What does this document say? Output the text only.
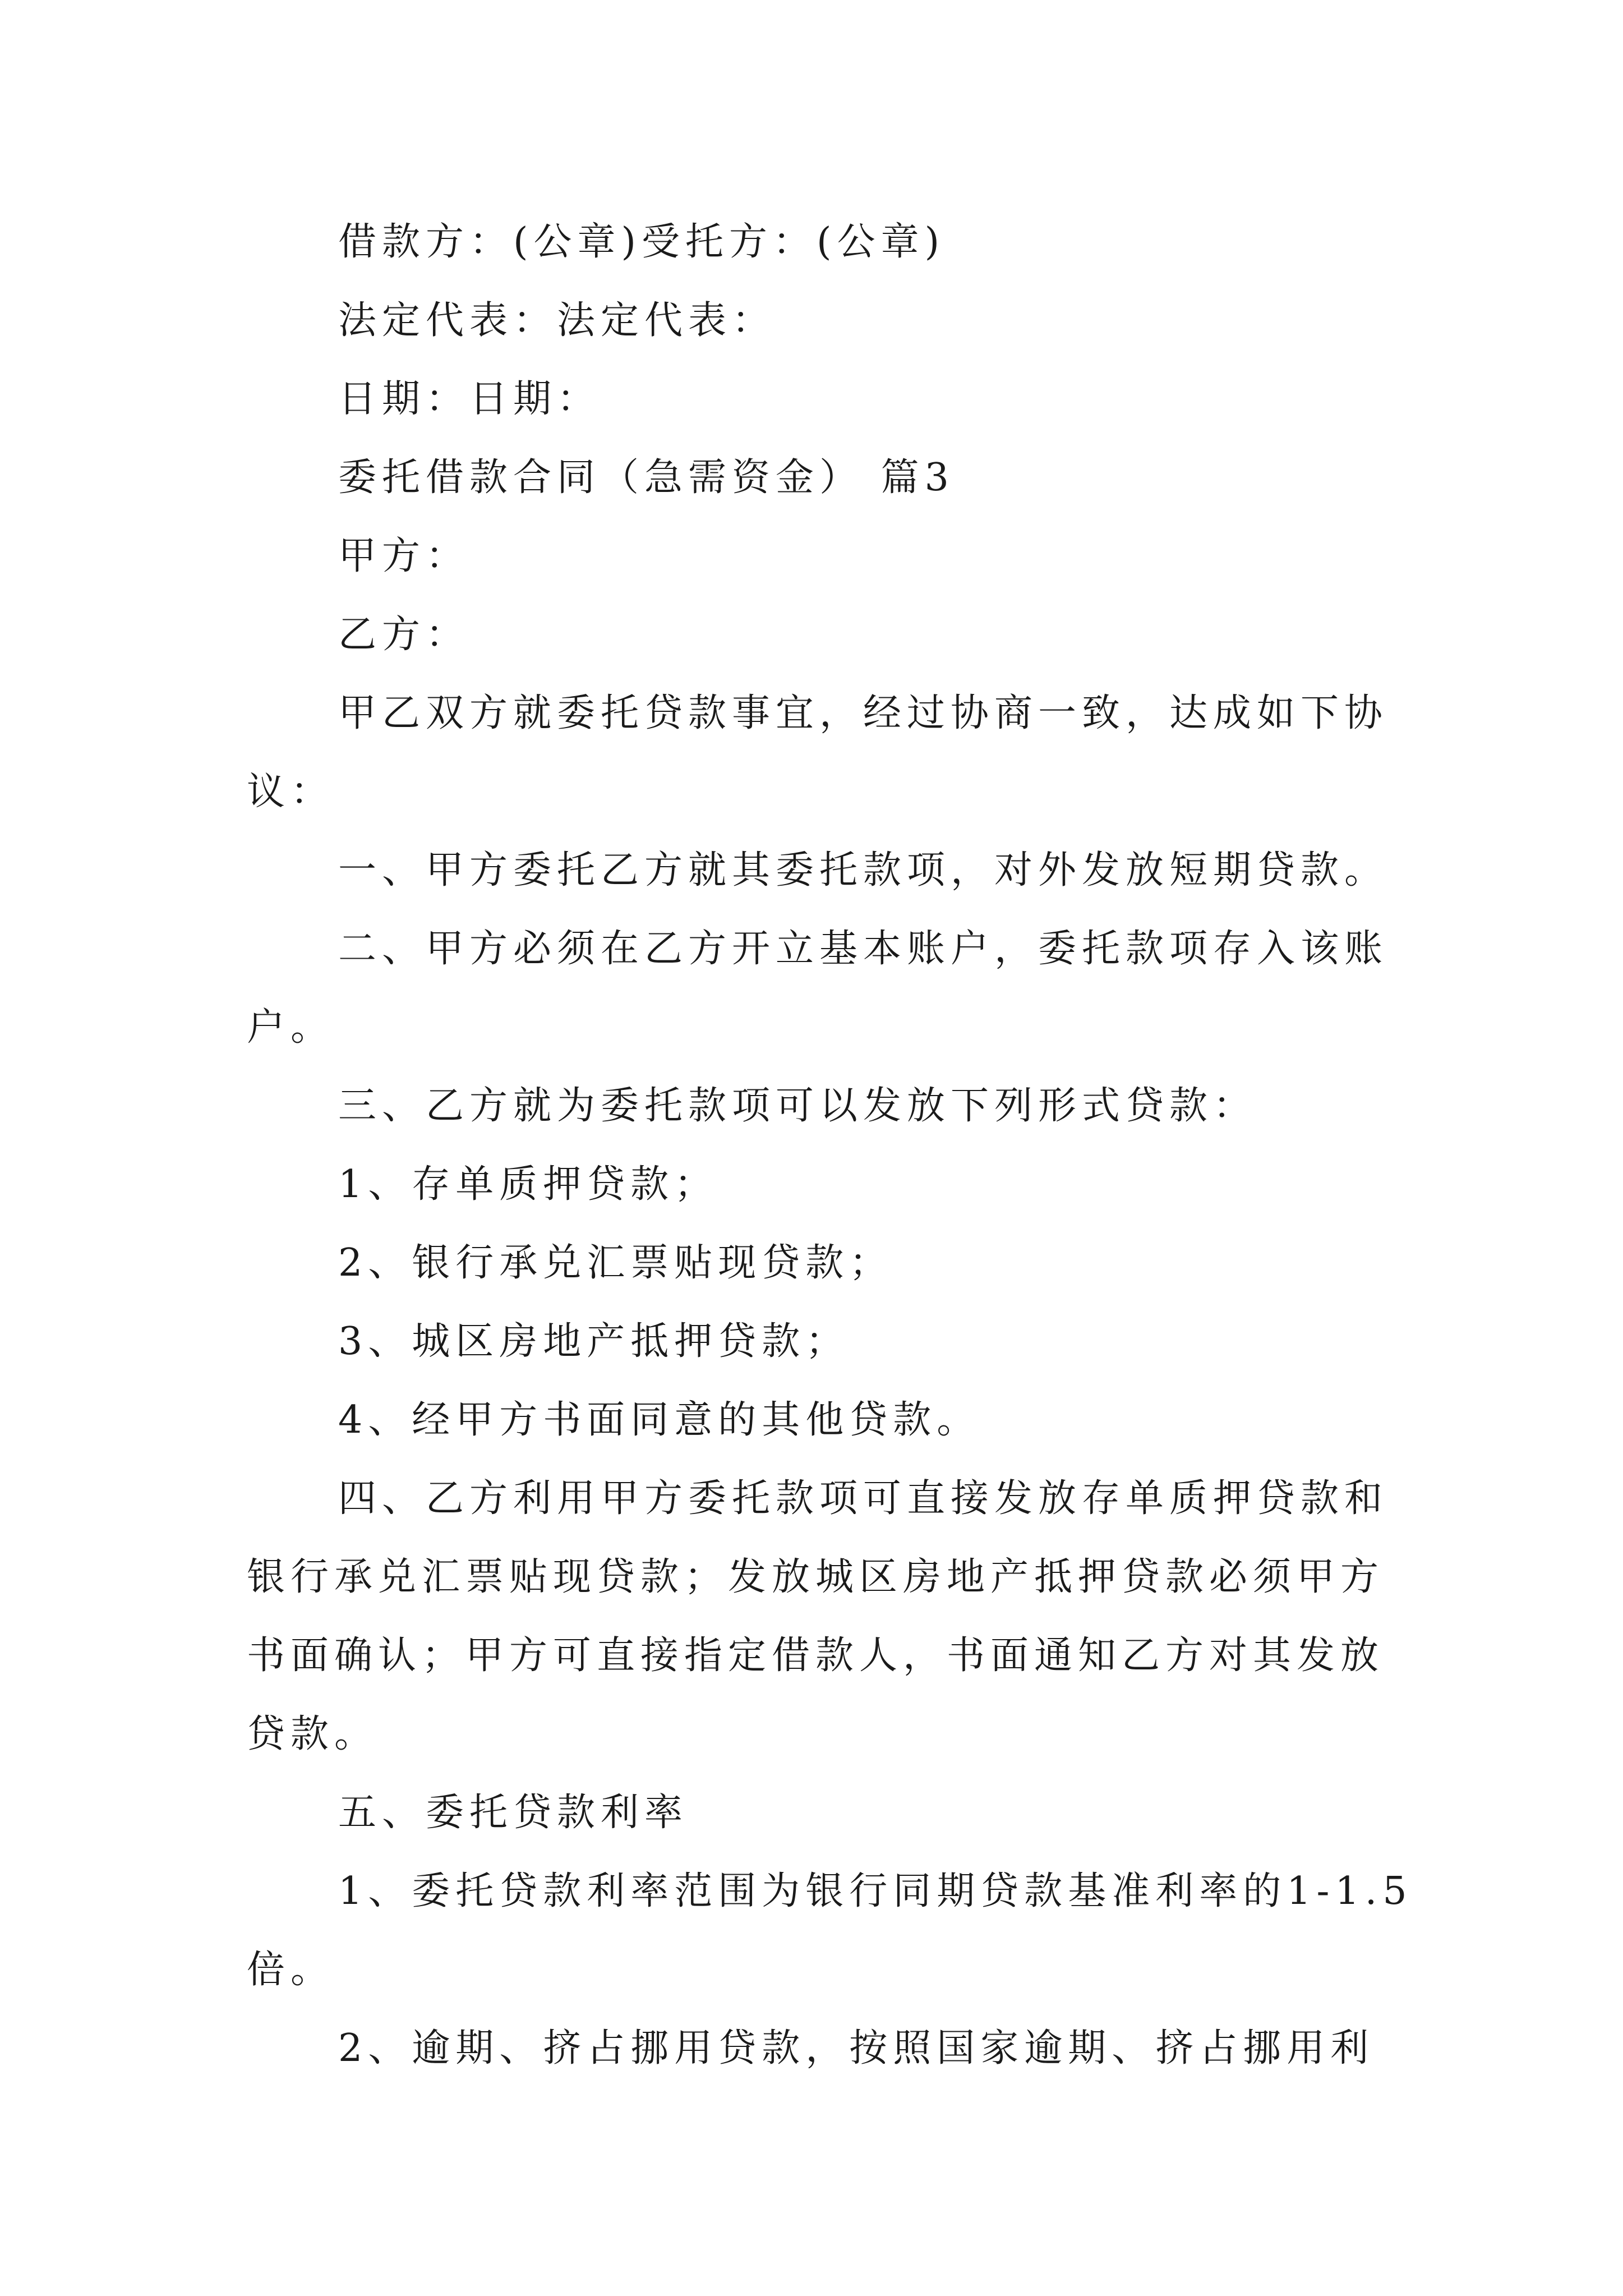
借款方：(公章)受托方：(公章)
法定代表：法定代表：
日期：日期：
委托借款合同（急需资金） 篇3
甲方：
乙方：
甲乙双方就委托贷款事宜，经过协商一致，达成如下协
议：
一、甲方委托乙方就其委托款项，对外发放短期贷款。
二、甲方必须在乙方开立基本账户，委托款项存入该账
户。
三、乙方就为委托款项可以发放下列形式贷款：
1、存单质押贷款；
2、银行承兑汇票贴现贷款；
3、城区房地产抵押贷款；
4、经甲方书面同意的其他贷款。
四、乙方利用甲方委托款项可直接发放存单质押贷款和
银行承兑汇票贴现贷款；发放城区房地产抵押贷款必须甲方
书面确认；甲方可直接指定借款人，书面通知乙方对其发放
贷款。
五、委托贷款利率
1、委托贷款利率范围为银行同期贷款基准利率的1-1.5
倍。
2、逾期、挤占挪用贷款，按照国家逾期、挤占挪用利
